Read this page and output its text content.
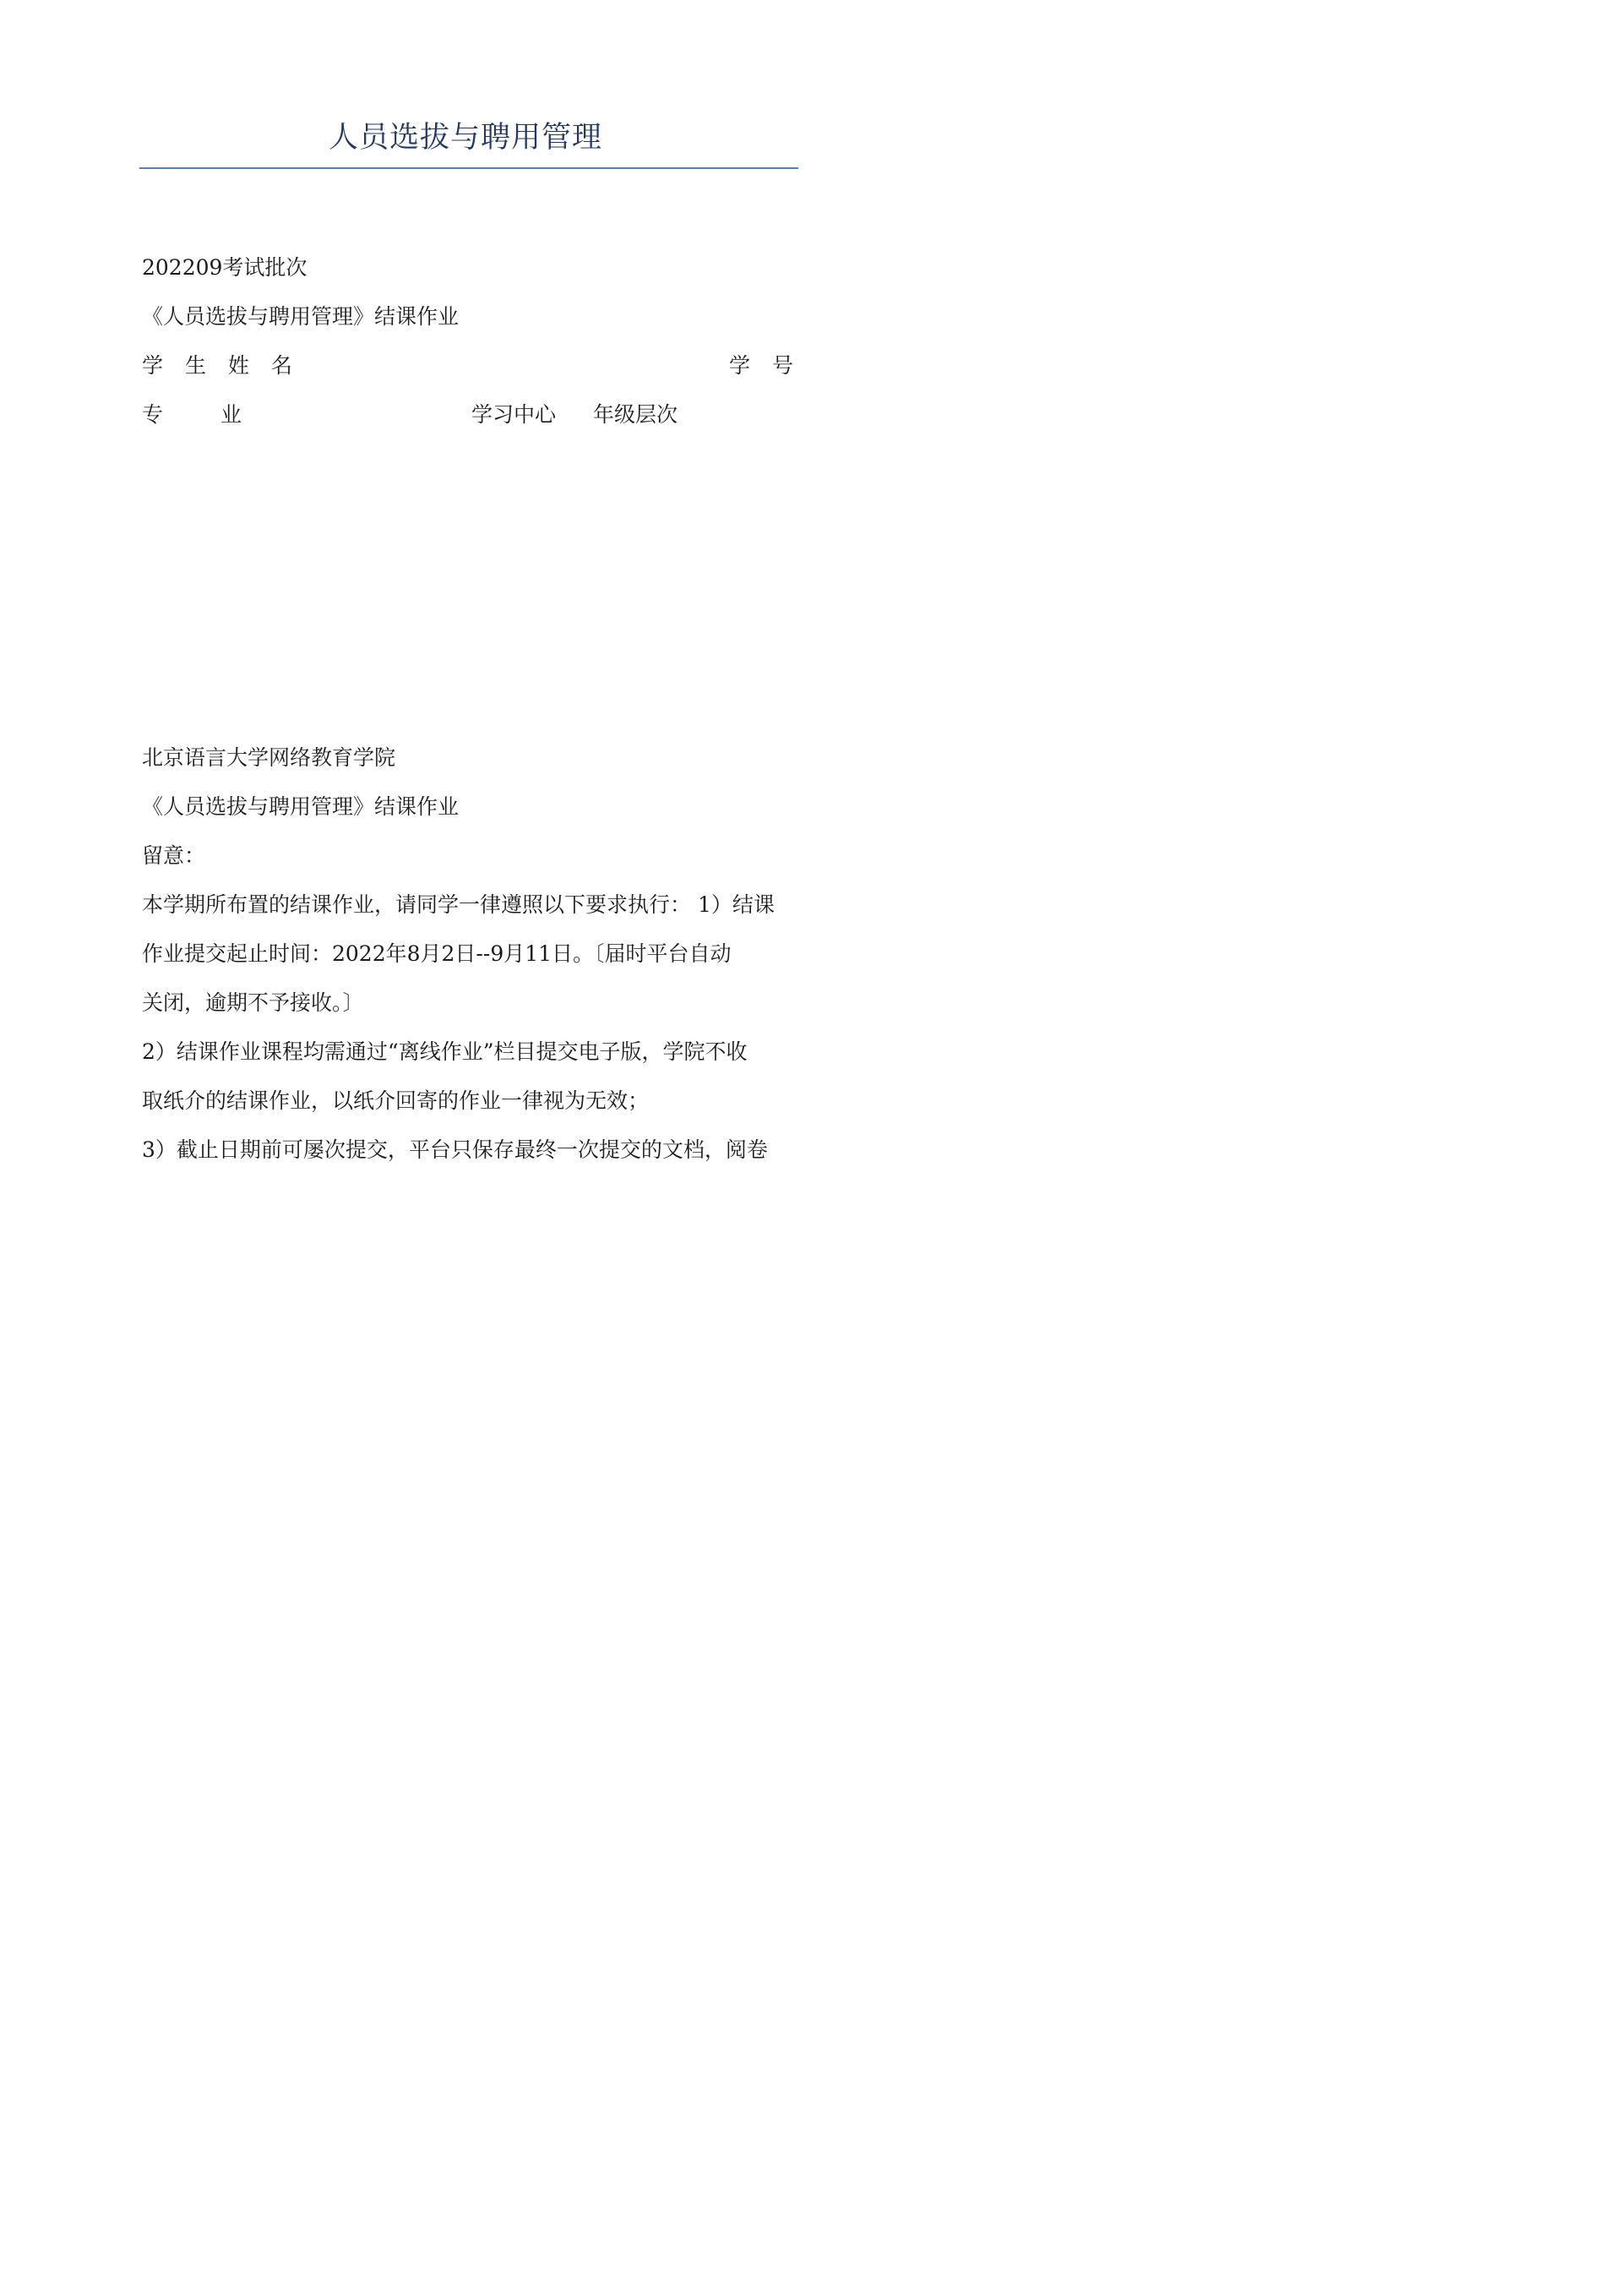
人员选拔与聘用管理
202209考试批次
《人员选拔与聘用管理》结课作业
学 生 姓 名	学 号
专 业	学习中心 年级层次
北京语言大学网络教育学院
《人员选拔与聘用管理》结课作业
留意：
本学期所布置的结课作业，请同学一律遵照以下要求执行： 1）结课
作业提交起止时间：2022年8月2日--9月11日。〔届时平台自动
关闭，逾期不予接收。〕
2）结课作业课程均需通过“离线作业”栏目提交电子版，学院不收
取纸介的结课作业，以纸介回寄的作业一律视为无效；
3）截止日期前可屡次提交，平台只保存最终一次提交的文档，阅卷
